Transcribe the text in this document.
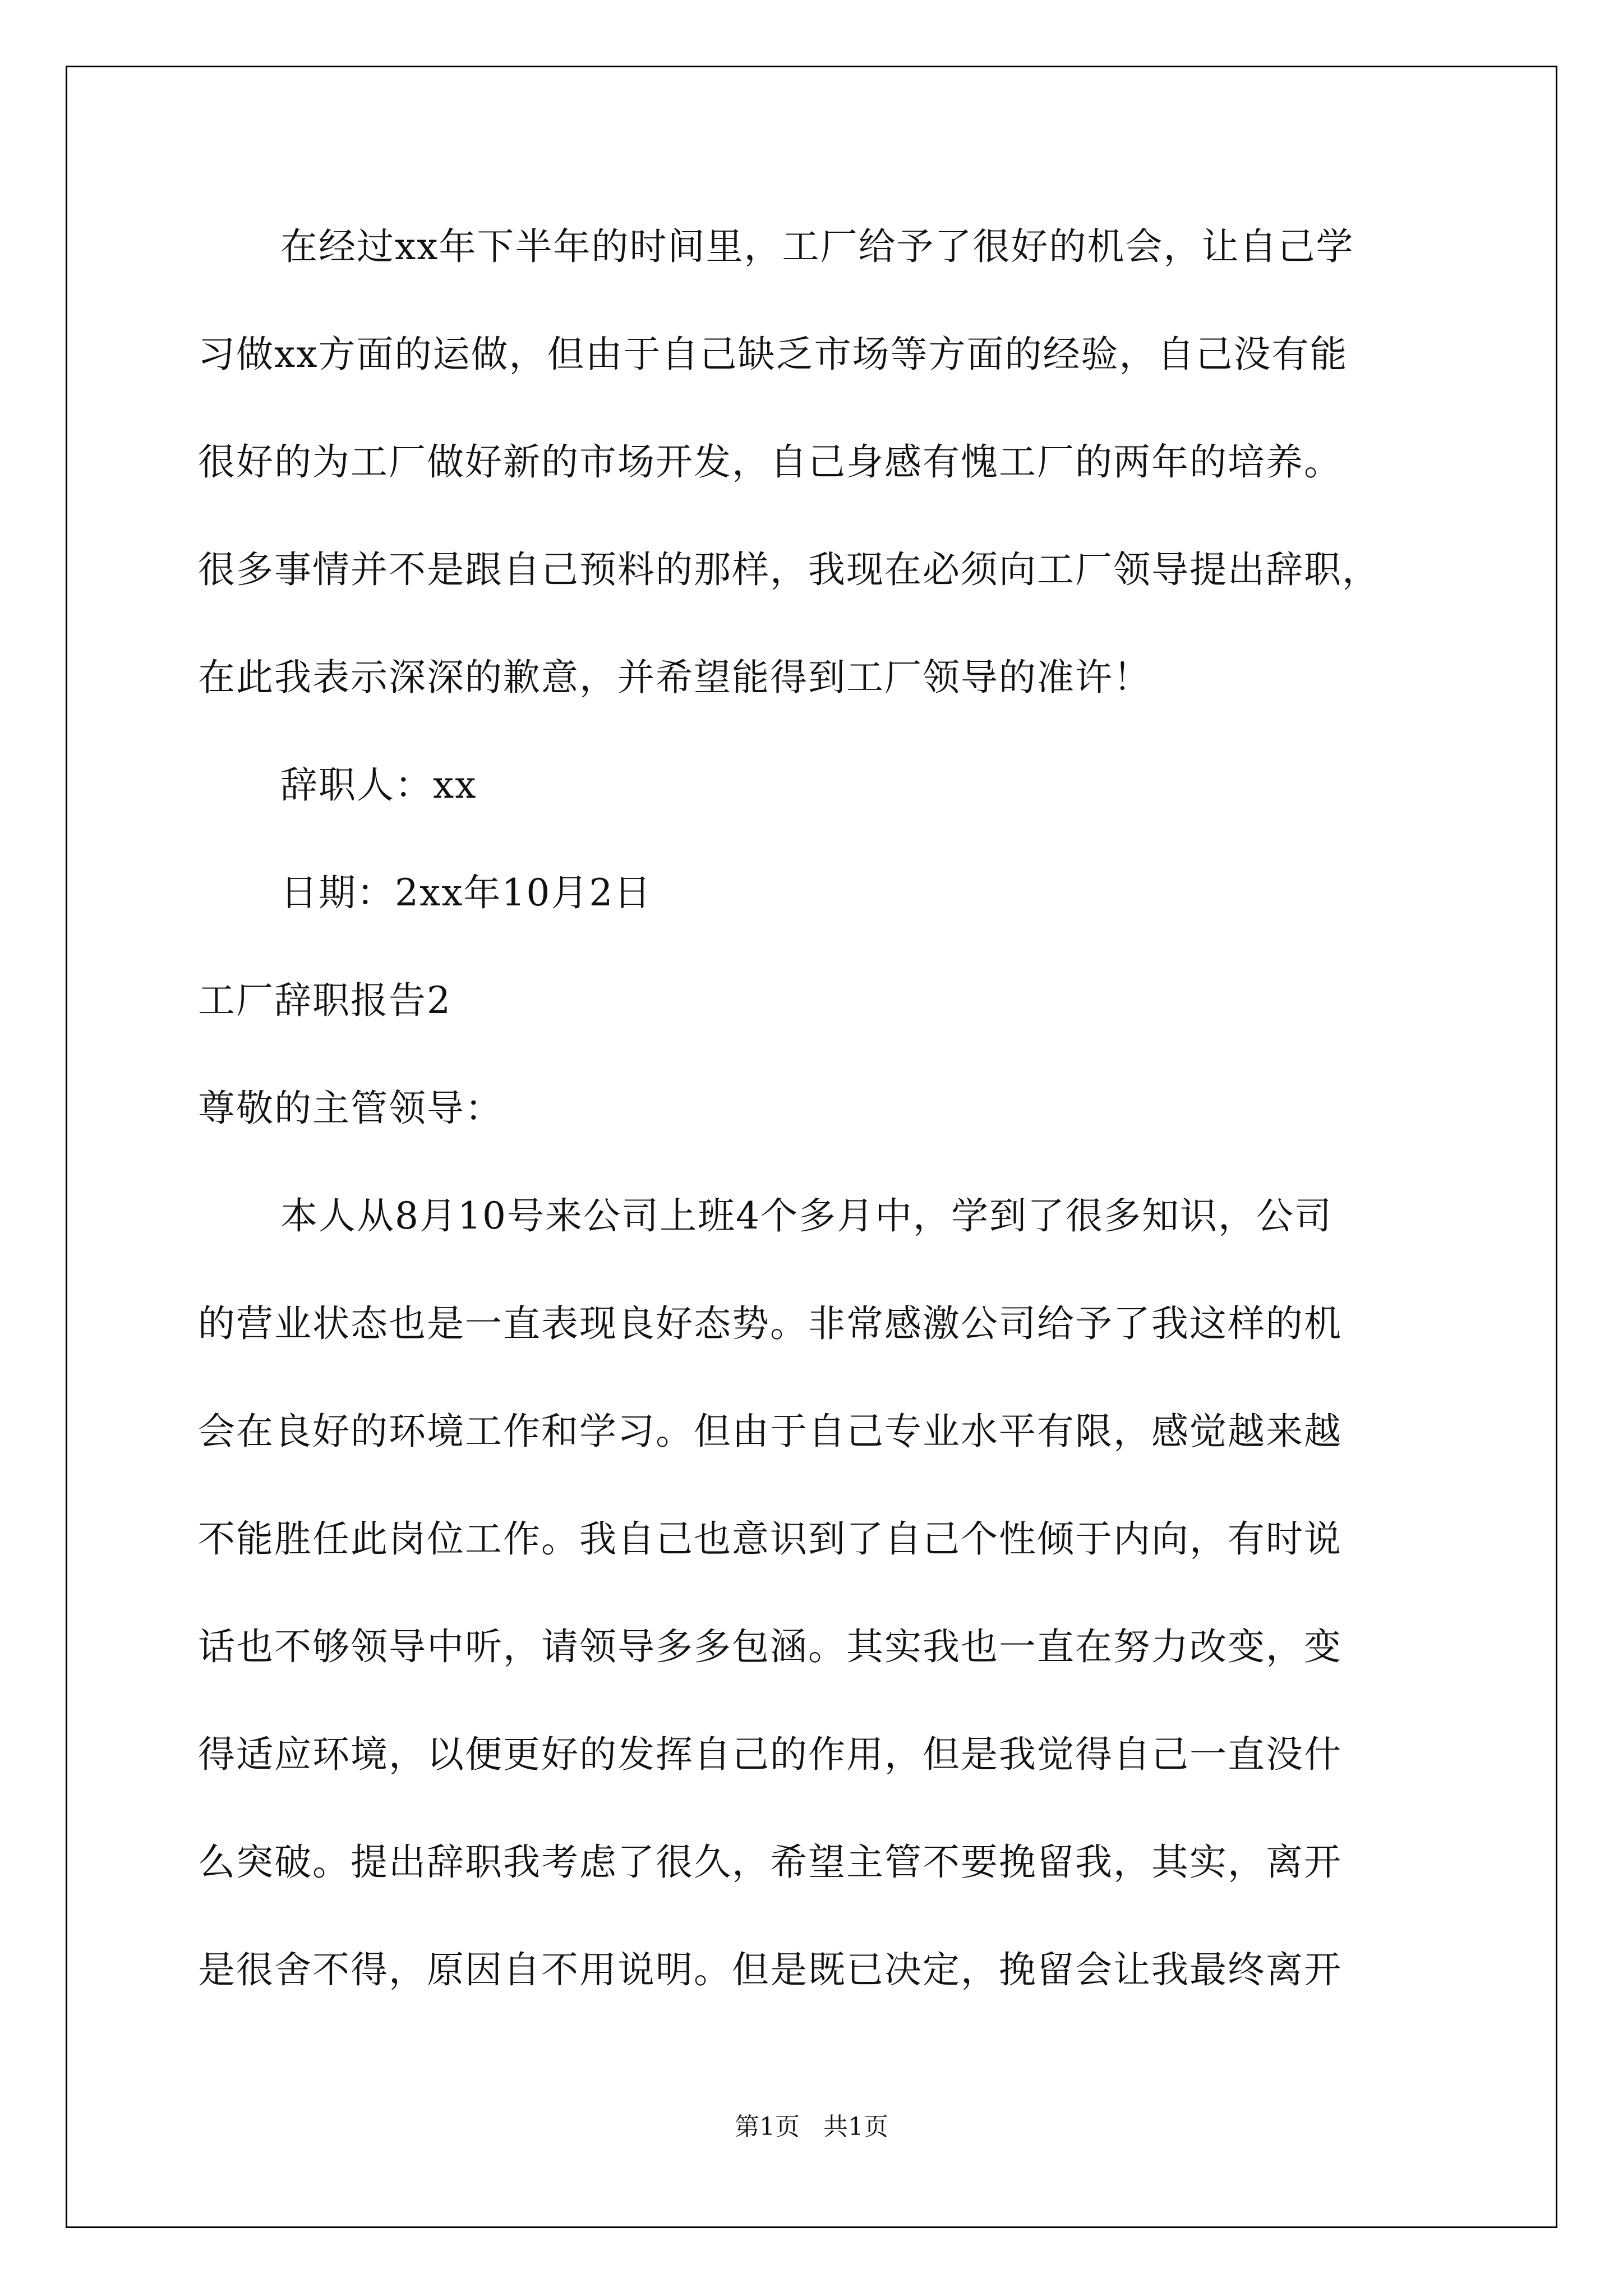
在经过xx年下半年的时间里，工厂给予了很好的机会，让自己学
习做xx方面的运做，但由于自己缺乏市场等方面的经验，自己没有能
很好的为工厂做好新的市场开发，自己身感有愧工厂的两年的培养。
很多事情并不是跟自己预料的那样，我现在必须向工厂领导提出辞职，
在此我表示深深的歉意，并希望能得到工厂领导的准许！
辞职人：xx
日期：2xx年10月2日
工厂辞职报告2
尊敬的主管领导：
本人从8月10号来公司上班4个多月中，学到了很多知识，公司
的营业状态也是一直表现良好态势。非常感激公司给予了我这样的机
会在良好的环境工作和学习。但由于自己专业水平有限，感觉越来越
不能胜任此岗位工作。我自己也意识到了自己个性倾于内向，有时说
话也不够领导中听，请领导多多包涵。其实我也一直在努力改变，变
得适应环境，以便更好的发挥自己的作用，但是我觉得自己一直没什
么突破。提出辞职我考虑了很久，希望主管不要挽留我，其实，离开
是很舍不得，原因自不用说明。但是既已决定，挽留会让我最终离开
第1页   共1页
